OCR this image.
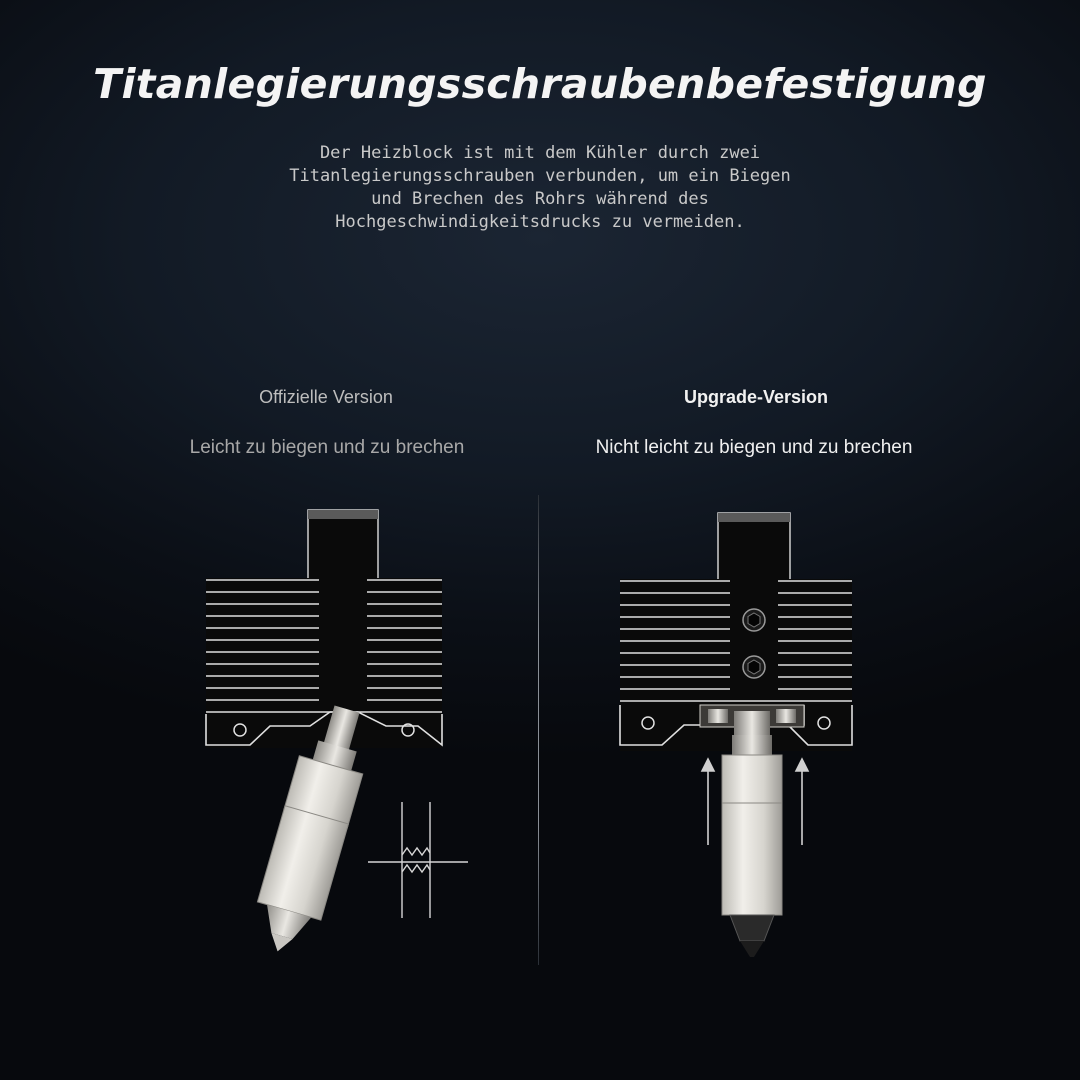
Titanlegierungsschraubenbefestigung
Der Heizblock ist mit dem Kühler durch zwei
Titanlegierungsschrauben verbunden, um ein Biegen
und Brechen des Rohrs während des
Hochgeschwindigkeitsdrucks zu vermeiden.
Offizielle Version
Leicht zu biegen und zu brechen
Upgrade-Version
Nicht leicht zu biegen und zu brechen
